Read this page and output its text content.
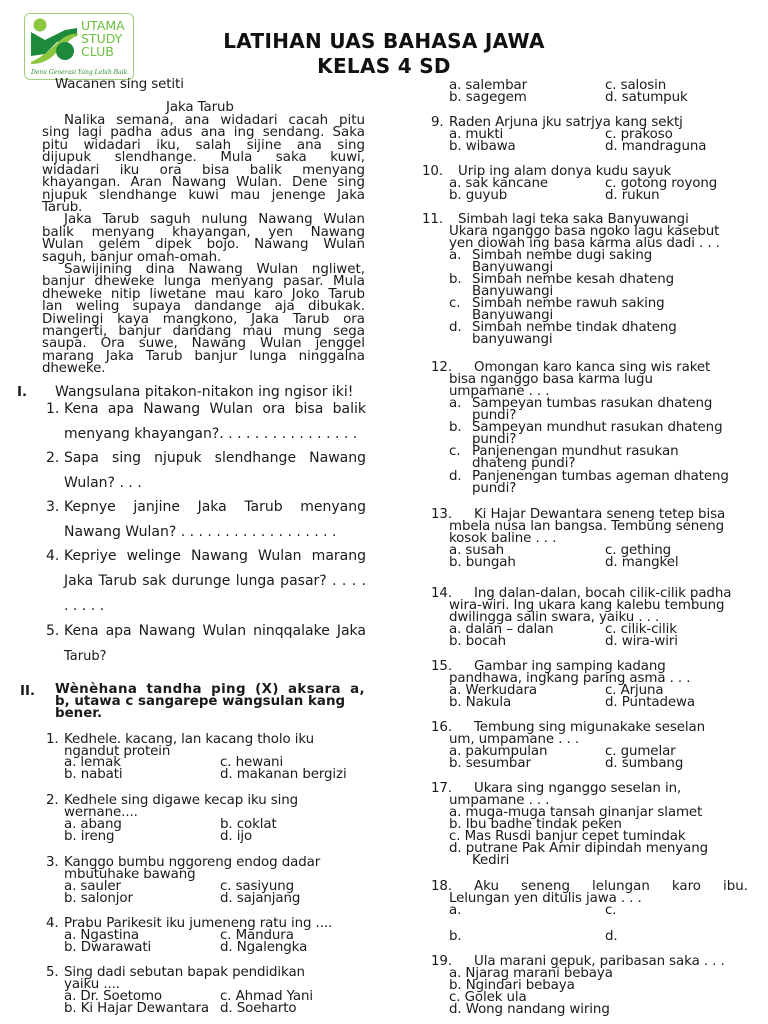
UTAMA
STUDY
CLUB
Demi Generasi Yang Lebih Baik
LATIHAN UAS BAHASA JAWA
KELAS 4 SD
Wacanen sing setiti
Jaka Tarub
Nalika semana, ana widadari cacah pitu
sing lagi padha adus ana ing sendang. Saka
pitu widadari iku, salah sijine ana sing
dijupuk slendhange. Mula saka kuwi,
widadari iku ora bisa balik menyang
khayangan. Aran Nawang Wulan. Dene sing
njupuk slendhange kuwi mau jenenge Jaka
Tarub.
Jaka Tarub saguh nulung Nawang Wulan
balik menyang khayangan, yen Nawang
Wulan gelem dipek bojo. Nawang Wulan
saguh, banjur omah-omah.
Sawijining dina Nawang Wulan ngliwet,
banjur dheweke lunga menyang pasar. Mula
dheweke nitip liwetane mau karo Joko Tarub
lan weling supaya dandange aja dibukak.
Diwelingi kaya mangkono, Jaka Tarub ora
mangerti, banjur dandang mau mung sega
saupa. Ora suwe, Nawang Wulan jenggel
marang Jaka Tarub banjur lunga ninggalna
dheweke.
I. Wangsulana pitakon-nitakon ing ngisor iki!
1. Kena apa Nawang Wulan ora bisa balik
menyang khayangan?. . . . . . . . . . . . . . . .
2. Sapa sing njupuk slendhange Nawang
Wulan? . . .
3. Kepnye janjine Jaka Tarub menyang
Nawang Wulan? . . . . . . . . . . . . . . . . . .
4. Kepriye welinge Nawang Wulan marang
Jaka Tarub sak durunge lunga pasar? . . . .
. . . . .
5. Kena apa Nawang Wulan ninqqalake Jaka
Tarub?
II. Wènèhana tandha ping (X) aksara a,
b, utawa c sangarepe wangsulan kang
bener.
1. Kedhele. kacang, lan kacang tholo iku
ngandut protein
a. lemak	c. hewani
b. nabati	d. makanan bergizi
2. Kedhele sing digawe kecap iku sing
wernane....
a. abang	b. coklat
b. ireng	d. ijo
3. Kanggo bumbu nggoreng endog dadar
mbutuhake bawang
a. sauler	c. sasiyung
b. salonjor	d. sajanjang
4. Prabu Parikesit iku jumeneng ratu ing ....
a. Ngastina	c. Mandura
b. Dwarawati	d. Ngalengka
5. Sing dadi sebutan bapak pendidikan
yaiku ....
a. Dr. Soetomo	c. Ahmad Yani
b. Ki Hajar Dewantara d. Soeharto
a. salembar	c. salosin
b. sagegem	d. satumpuk
9. Raden Arjuna jku satrjya kang sektj
a. mukti	c. prakoso
b. wibawa	d. mandraguna
10. Urip ing alam donya kudu sayuk
a. sak kancane	c. gotong royong
b. guyub	d. rukun
11. Simbah lagi teka saka Banyuwangi
Ukara nganggo basa ngoko lagu kasebut
yen diowah ing basa karma alus dadi . . .
a. Simbah nembe dugi saking
Banyuwangi
b. Simbah nembe kesah dhateng
Banyuwangi
c. Simbah nembe rawuh saking
Banyuwangi
d. Simbah nembe tindak dhateng
banyuwangi
12. Omongan karo kanca sing wis raket
bisa nganggo basa karma lugu
umpamane . . .
a. Sampeyan tumbas rasukan dhateng
pundi?
b. Sampeyan mundhut rasukan dhateng
pundi?
c. Panjenengan mundhut rasukan
dhateng pundi?
d. Panjenengan tumbas ageman dhateng
pundi?
13. Ki Hajar Dewantara seneng tetep bisa
mbela nusa lan bangsa. Tembung seneng
kosok baline . . .
a. susah	c. gething
b. bungah	d. mangkel
14. Ing dalan-dalan, bocah cilik-cilik padha
wira-wiri. Ing ukara kang kalebu tembung
dwilingga salin swara, yaiku . . .
a. dalan – dalan	c. cilik-cilik
b. bocah	d. wira-wiri
15. Gambar ing samping kadang
pandhawa, ingkang paring asma . . .
a. Werkudara	c. Arjuna
b. Nakula	d. Puntadewa
16. Tembung sing migunakake seselan
um, umpamane . . .
a. pakumpulan	c. gumelar
b. sesumbar	d. sumbang
17. Ukara sing nganggo seselan in,
umpamane . . .
a. muga-muga tansah ginanjar slamet
b. Ibu badhe tindak peken
c. Mas Rusdi banjur cepet tumindak
d. putrane Pak Amir dipindah menyang
Kediri
18. Aku seneng lelungan karo ibu.
Lelungan yen ditulis jawa . . .
a.	c.
b.	d.
19. Ula marani gepuk, paribasan saka . . .
a. Njarag marani bebaya
b. Ngindari bebaya
c. Golek ula
d. Wong nandang wiring
